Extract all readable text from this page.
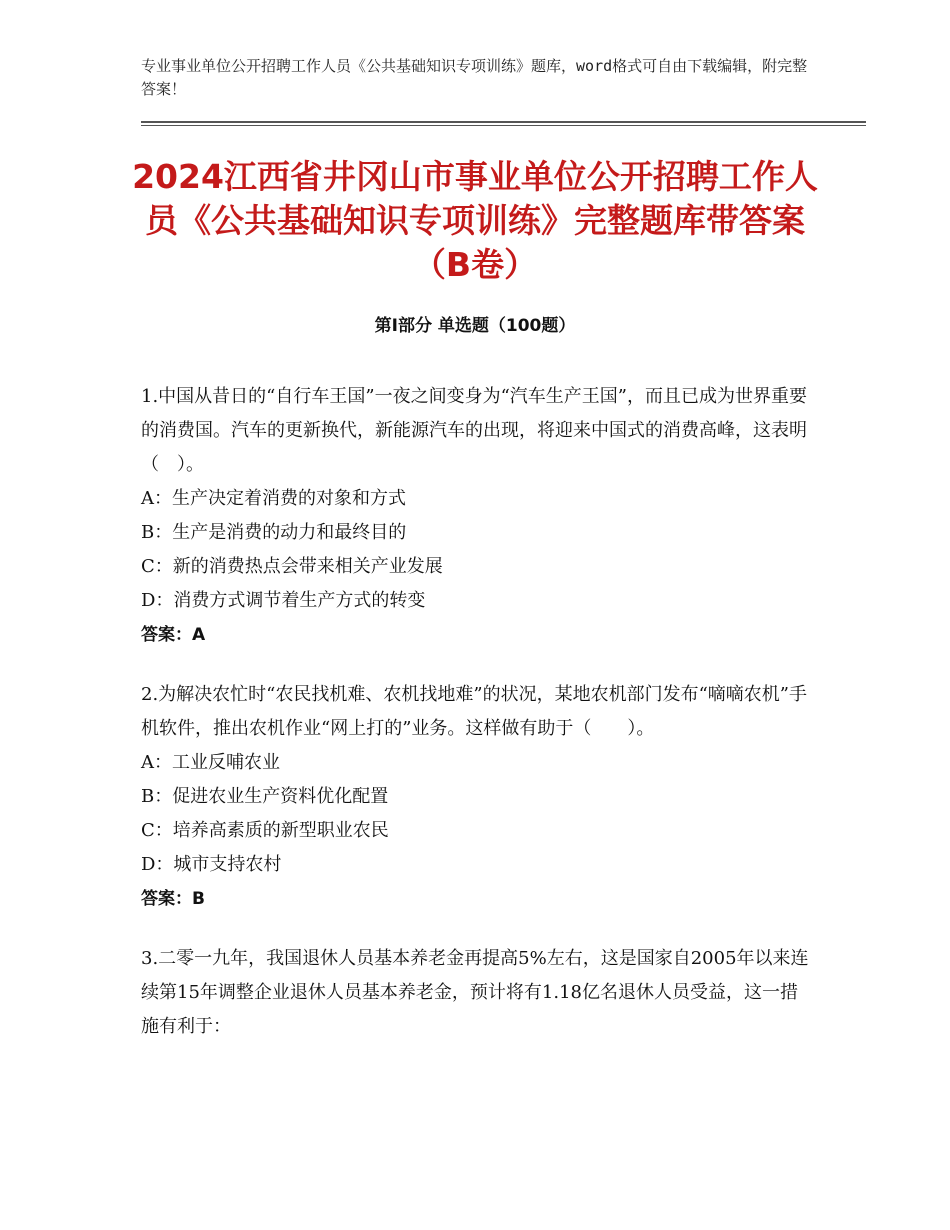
专业事业单位公开招聘工作人员《公共基础知识专项训练》题库，word格式可自由下载编辑，附完整答案！
2024江西省井冈山市事业单位公开招聘工作人员《公共基础知识专项训练》完整题库带答案（B卷）
第Ⅰ部分 单选题（100题）

1.中国从昔日的“自行车王国”一夜之间变身为“汽车生产王国”，而且已成为世界重要的消费国。汽车的更新换代，新能源汽车的出现，将迎来中国式的消费高峰，这表明（　）。

A：生产决定着消费的对象和方式

B：生产是消费的动力和最终目的

C：新的消费热点会带来相关产业发展

D：消费方式调节着生产方式的转变

答案：A

2.为解决农忙时“农民找机难、农机找地难”的状况，某地农机部门发布“嘀嘀农机”手机软件，推出农机作业“网上打的”业务。这样做有助于（　　）。

A：工业反哺农业

B：促进农业生产资料优化配置

C：培养高素质的新型职业农民

D：城市支持农村

答案：B

3.二零一九年，我国退休人员基本养老金再提高5%左右，这是国家自2005年以来连续第15年调整企业退休人员基本养老金，预计将有1.18亿名退休人员受益，这一措施有利于：
